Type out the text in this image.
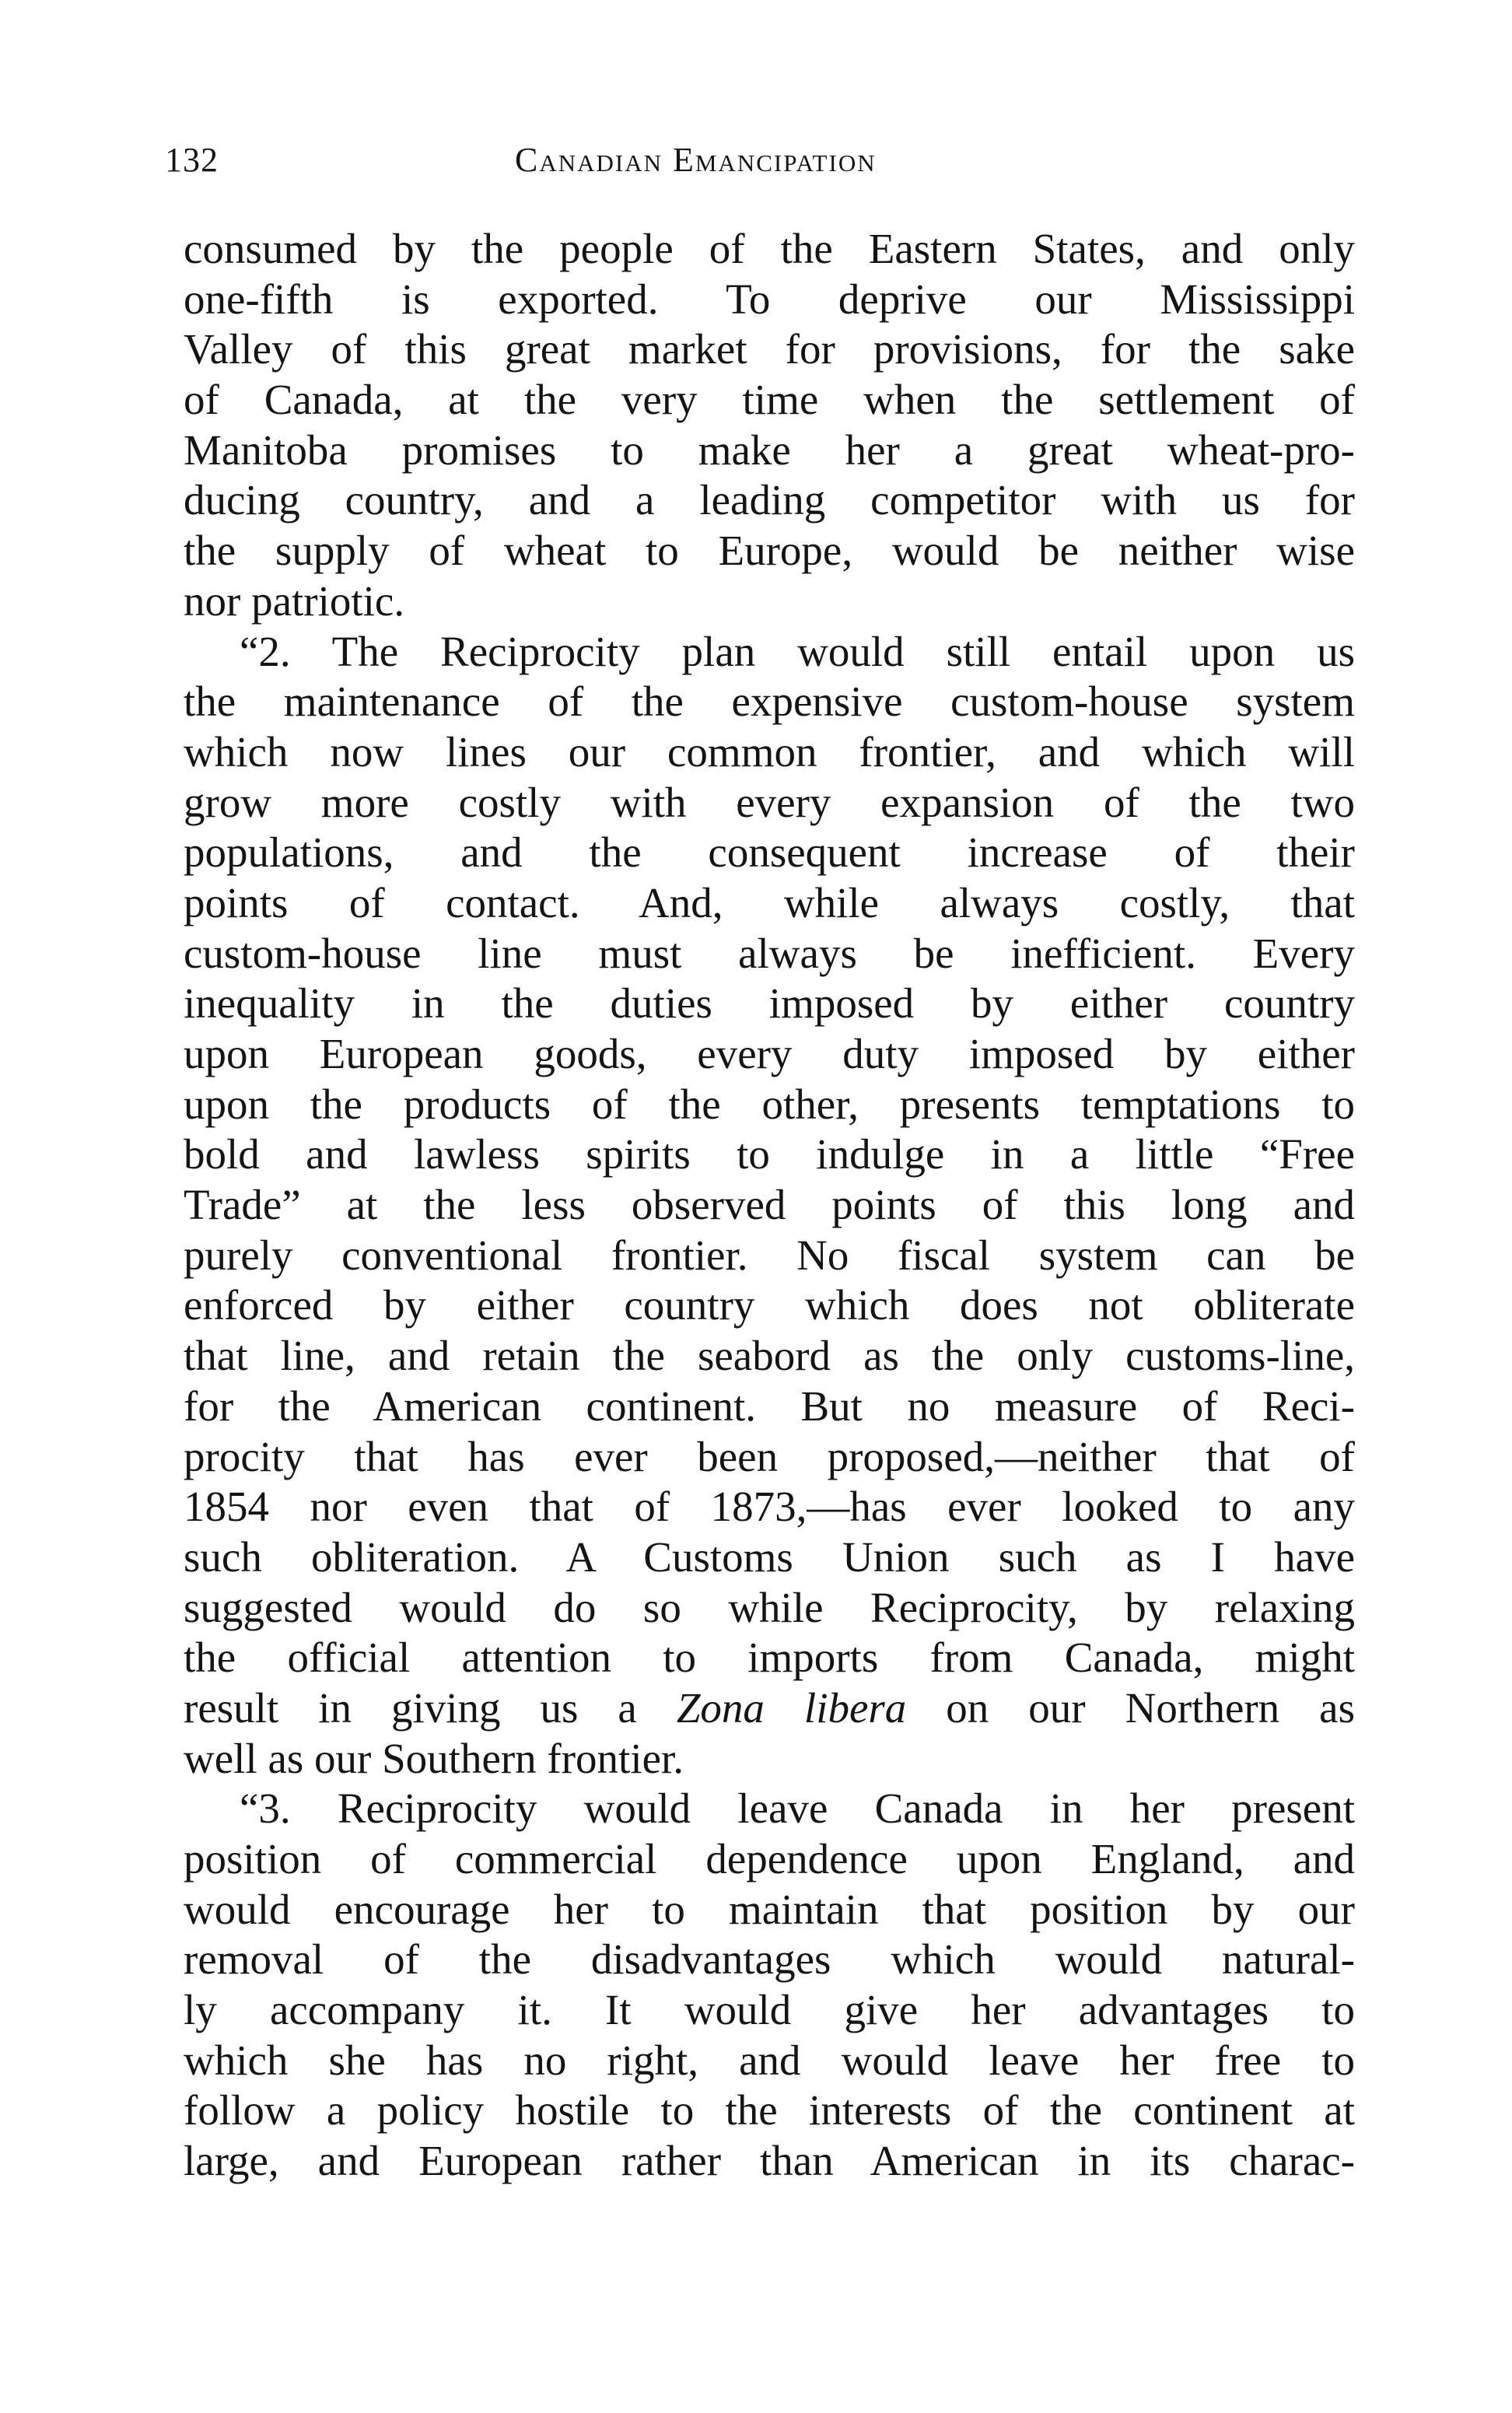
132	Canadian Emancipation
consumed by the people of the Eastern States, and only
one-fifth is exported. To deprive our Mississippi
Valley of this great market for provisions, for the sake
of Canada, at the very time when the settlement of
Manitoba promises to make her a great wheat-pro-
ducing country, and a leading competitor with us for
the supply of wheat to Europe, would be neither wise
nor patriotic.
“2. The Reciprocity plan would still entail upon us
the maintenance of the expensive custom-house system
which now lines our common frontier, and which will
grow more costly with every expansion of the two
populations, and the consequent increase of their
points of contact. And, while always costly, that
custom-house line must always be inefficient. Every
inequality in the duties imposed by either country
upon European goods, every duty imposed by either
upon the products of the other, presents temptations to
bold and lawless spirits to indulge in a little “Free
Trade” at the less observed points of this long and
purely conventional frontier. No fiscal system can be
enforced by either country which does not obliterate
that line, and retain the seabord as the only customs-line,
for the American continent. But no measure of Reci-
procity that has ever been proposed,—neither that of
1854 nor even that of 1873,—has ever looked to any
such obliteration. A Customs Union such as I have
suggested would do so while Reciprocity, by relaxing
the official attention to imports from Canada, might
result in giving us a Zona libera on our Northern as
well as our Southern frontier.
“3. Reciprocity would leave Canada in her present
position of commercial dependence upon England, and
would encourage her to maintain that position by our
removal of the disadvantages which would natural-
ly accompany it. It would give her advantages to
which she has no right, and would leave her free to
follow a policy hostile to the interests of the continent at
large, and European rather than American in its charac-
